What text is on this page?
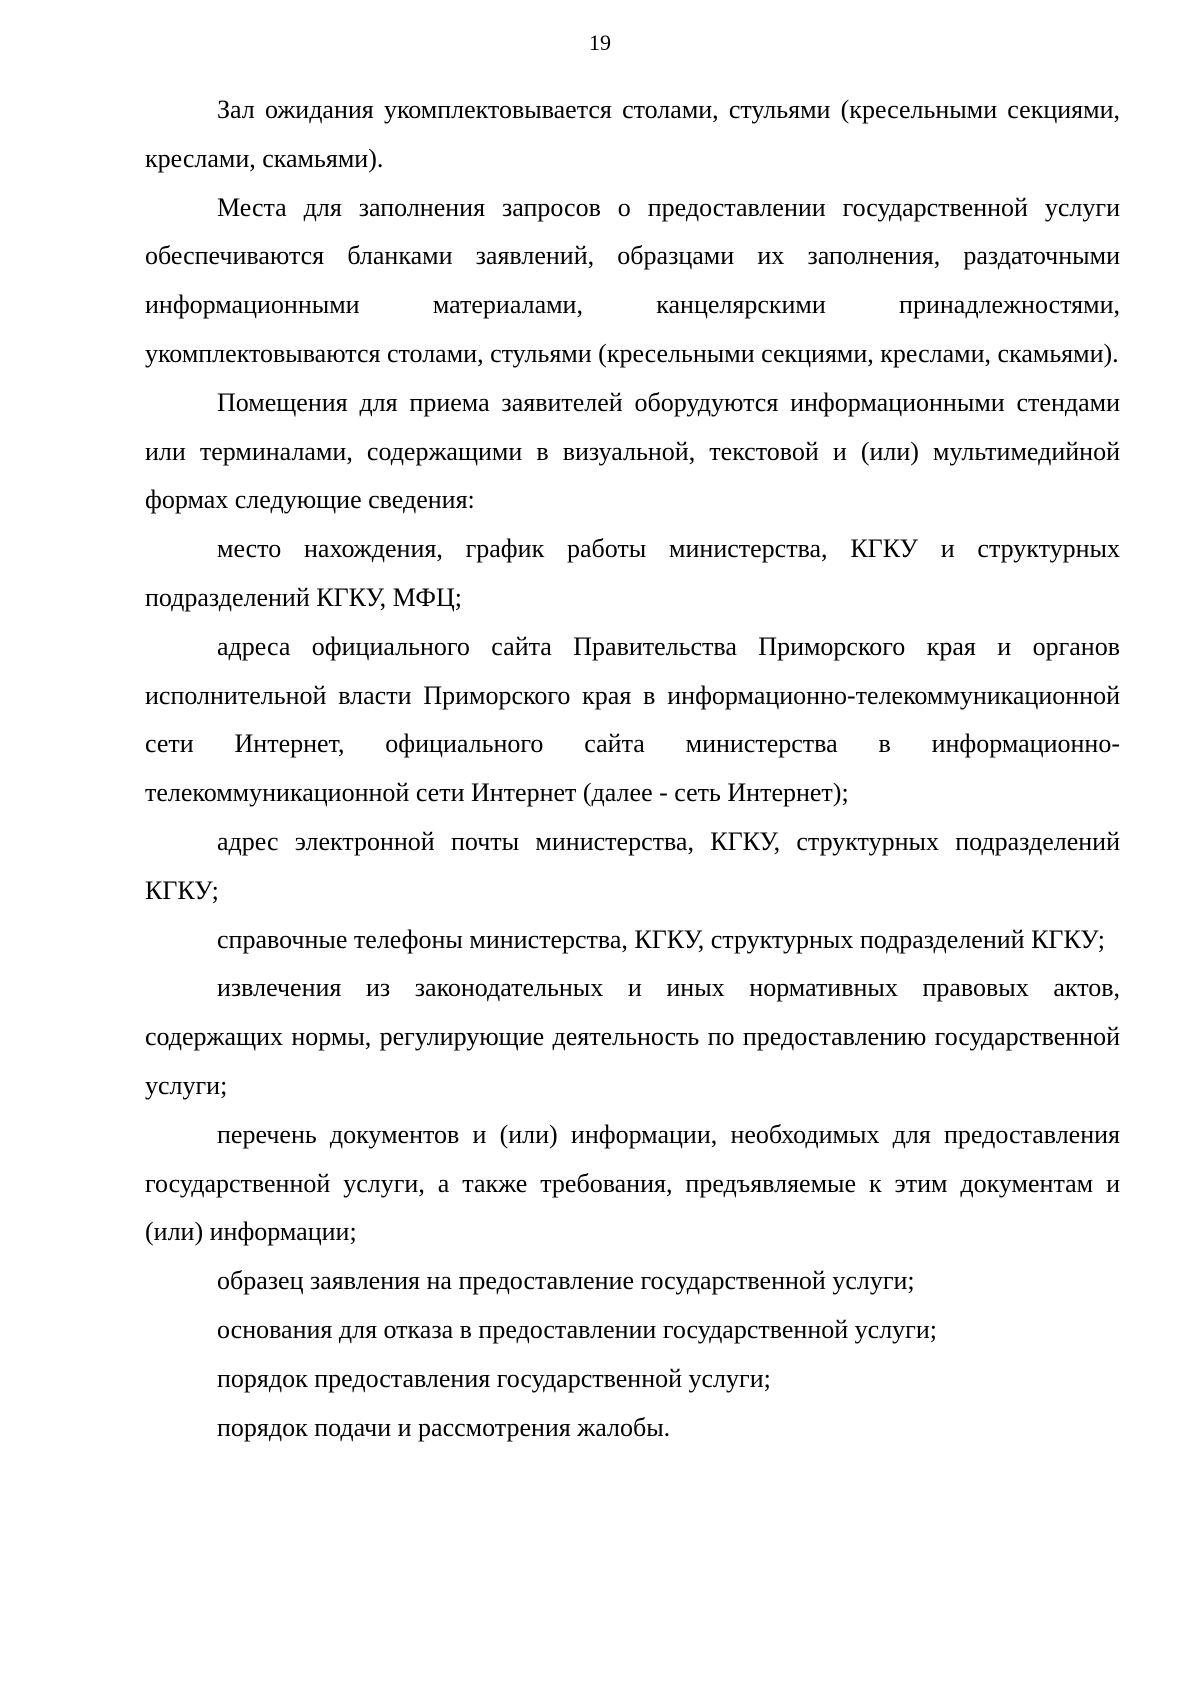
19

Зал ожидания укомплектовывается столами, стульями (кресельными секциями, креслами, скамьями).

Места для заполнения запросов о предоставлении государственной услуги обеспечиваются бланками заявлений, образцами их заполнения, раздаточными информационными материалами, канцелярскими принадлежностями, укомплектовываются столами, стульями (кресельными секциями, креслами, скамьями).

Помещения для приема заявителей оборудуются информационными стендами или терминалами, содержащими в визуальной, текстовой и (или) мультимедийной формах следующие сведения:

место нахождения, график работы министерства, КГКУ и структурных подразделений КГКУ, МФЦ;

адреса официального сайта Правительства Приморского края и органов исполнительной власти Приморского края в информационно-телекоммуникационной сети Интернет, официального сайта министерства в информационно-телекоммуникационной сети Интернет (далее - сеть Интернет);

адрес электронной почты министерства, КГКУ, структурных подразделений КГКУ;

справочные телефоны министерства, КГКУ, структурных подразделений КГКУ;

извлечения из законодательных и иных нормативных правовых актов, содержащих нормы, регулирующие деятельность по предоставлению государственной услуги;

перечень документов и (или) информации, необходимых для предоставления государственной услуги, а также требования, предъявляемые к этим документам и (или) информации;

образец заявления на предоставление государственной услуги;

основания для отказа в предоставлении государственной услуги;

порядок предоставления государственной услуги;

порядок подачи и рассмотрения жалобы.
